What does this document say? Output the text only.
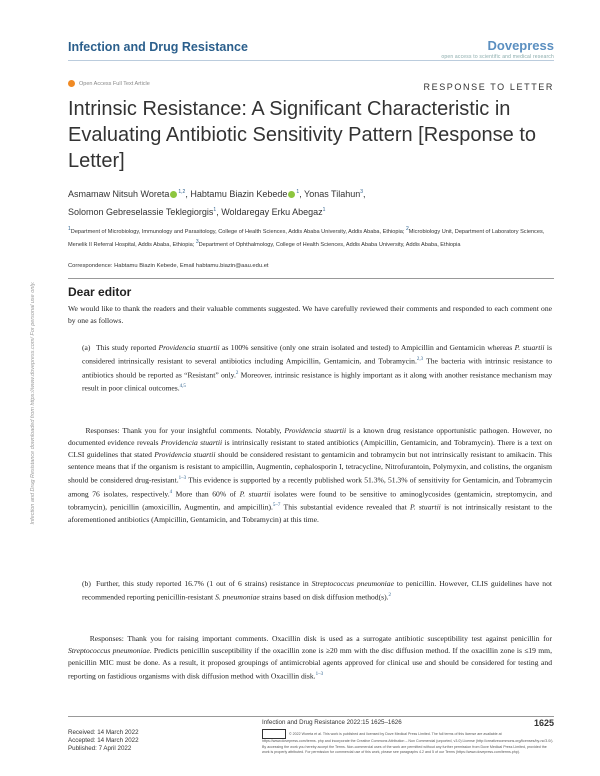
Infection and Drug Resistance	Dovepress
open access to scientific and medical research
Open Access Full Text Article	RESPONSE TO LETTER
Intrinsic Resistance: A Significant Characteristic in Evaluating Antibiotic Sensitivity Pattern [Response to Letter]
Asmamaw Nitsuh Woreta $^{1,2}$, Habtamu Biazin Kebede $^1$, Yonas Tilahun$^3$,
Solomon Gebreselassie Teklegiorgis$^1$, Woldaregay Erku Abegaz$^1$
$^1$Department of Microbiology, Immunology and Parasitology, College of Health Sciences, Addis Ababa University, Addis Ababa, Ethiopia; $^2$Microbiology Unit, Department of Laboratory Sciences, Menelik II Referral Hospital, Addis Ababa, Ethiopia; $^3$Department of Ophthalmology, College of Health Sciences, Addis Ababa University, Addis Ababa, Ethiopia
Correspondence: Habtamu Biazin Kebede, Email habtamu.biazin@aau.edu.et
Infection and Drug Resistance downloaded from https://www.dovepress.com/ For personal use only.	Dear editor
We would like to thank the readers and their valuable comments suggested. We have carefully reviewed their comments and responded to each comment one by one as follows.
(a) This study reported Providencia stuartii as 100% sensitive (only one strain isolated and tested) to Ampicillin and Gentamicin whereas P. stuartii is considered intrinsically resistant to several antibiotics including Ampicillin, Gentamicin, and Tobramycin.$^{2,3}$ The bacteria with intrinsic resistance to antibiotics should be reported as “Resistant” only.$^2$ Moreover, intrinsic resistance is highly important as it along with another resistance mechanism may result in poor clinical outcomes.$^{4,5}$
Responses: Thank you for your insightful comments. Notably, Providencia stuartii is a known drug resistance opportunistic pathogen. However, no documented evidence reveals Providencia stuartii is intrinsically resistant to stated antibiotics (Ampicillin, Gentamicin, and Tobramycin). There is a text on CLSI guidelines that stated Providencia stuartii should be considered resistant to gentamicin and tobramycin but not intrinsically resistant to amikacin. This sentence means that if the organism is resistant to ampicillin, Augmentin, cephalosporin I, tetracycline, Nitrofurantoin, Polymyxin, and colistins, the organism should be considered drug-resistant.$^{1-3}$ This evidence is supported by a recently published work 51.3%, 51.3% of sensitivity for Gentamicin, and Tobramycin among 76 isolates, respectively.$^4$ More than 60% of P. stuartii isolates were found to be sensitive to aminoglycosides (gentamicin, streptomycin, and tobramycin), penicillin (amoxicillin, Augmentin, and ampicillin).$^{5-7}$ This substantial evidence revealed that P. stuartii is not intrinsically resistant to the aforementioned antibiotics (Ampicillin, Gentamicin, and Tobramycin) at this time.
(b) Further, this study reported 16.7% (1 out of 6 strains) resistance in Streptococcus pneumoniae to penicillin. However, CLIS guidelines have not recommended reporting penicillin-resistant S. pneumoniae strains based on disk diffusion method(s).$^2$
Responses: Thank you for raising important comments. Oxacillin disk is used as a surrogate antibiotic susceptibility test against penicillin for Streptococcus pneumoniae. Predicts penicillin susceptibility if the oxacillin zone is ≥20 mm with the disc diffusion method. If the oxacillin zone is ≤19 mm, penicillin MIC must be done. As a result, it proposed groupings of antimicrobial agents approved for clinical use and should be considered for testing and reporting on fastidious organisms with disk diffusion method with Oxacillin disk.$^{1-3}$
Received: 14 March 2022
Accepted: 14 March 2022
Published: 7 April 2022
Infection and Drug Resistance 2022:15 1625–1626	1625
© 2022 Woreta et al. This work is published and licensed by Dove Medical Press Limited. The full terms of this license are available at https://www.dovepress.com/terms. php and incorporate the Creative Commons Attribution – Non Commercial (unported, v3.0) License (http://creativecommons.org/licenses/by-nc/3.0/). By accessing the work you hereby accept the Terms. Non-commercial uses of the work are permitted without any further permission from Dove Medical Press Limited, provided the work is properly attributed. For permission for commercial use of this work, please see paragraphs 4.2 and 5 of our Terms (https://www.dovepress.com/terms.php).
